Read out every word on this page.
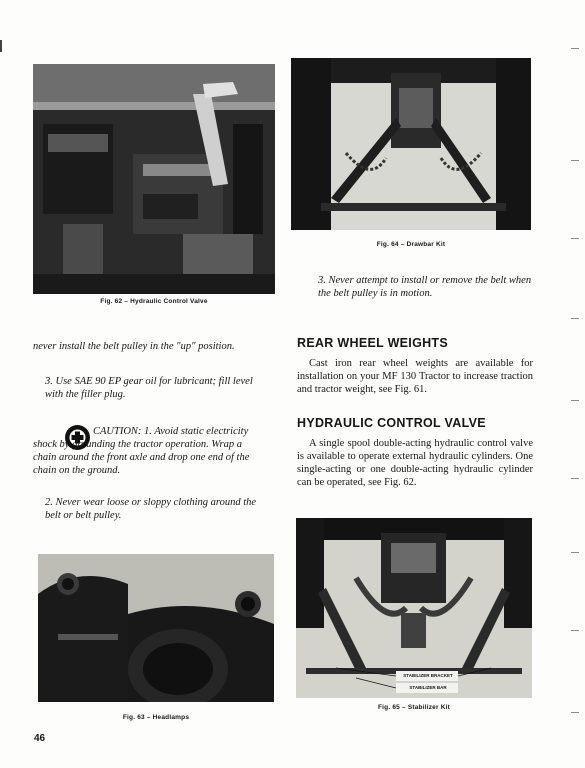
Fig. 62 – Hydraulic Control Valve
Fig. 64 – Drawbar Kit
3. Never attempt to install or remove the belt when the belt pulley is in motion.
REAR WHEEL WEIGHTS
Cast iron rear wheel weights are available for installation on your MF 130 Tractor to increase traction and tractor weight, see Fig. 61.
HYDRAULIC CONTROL VALVE
A single spool double-acting hydraulic control valve is available to operate external hydraulic cylinders. One single-acting or one double-acting hydraulic cylinder can be operated, see Fig. 62.
never install the belt pulley in the "up" position.
3. Use SAE 90 EP gear oil for lubricant; fill level with the filler plug.
CAUTION: 1. Avoid static electricity shock by grounding the tractor operation. Wrap a chain around the front axle and drop one end of the chain on the ground.
2. Never wear loose or sloppy clothing around the belt or belt pulley.
Fig. 63 – Headlamps
STABILIZER BRACKET
STABILIZER BAR
Fig. 65 – Stabilizer Kit
46
